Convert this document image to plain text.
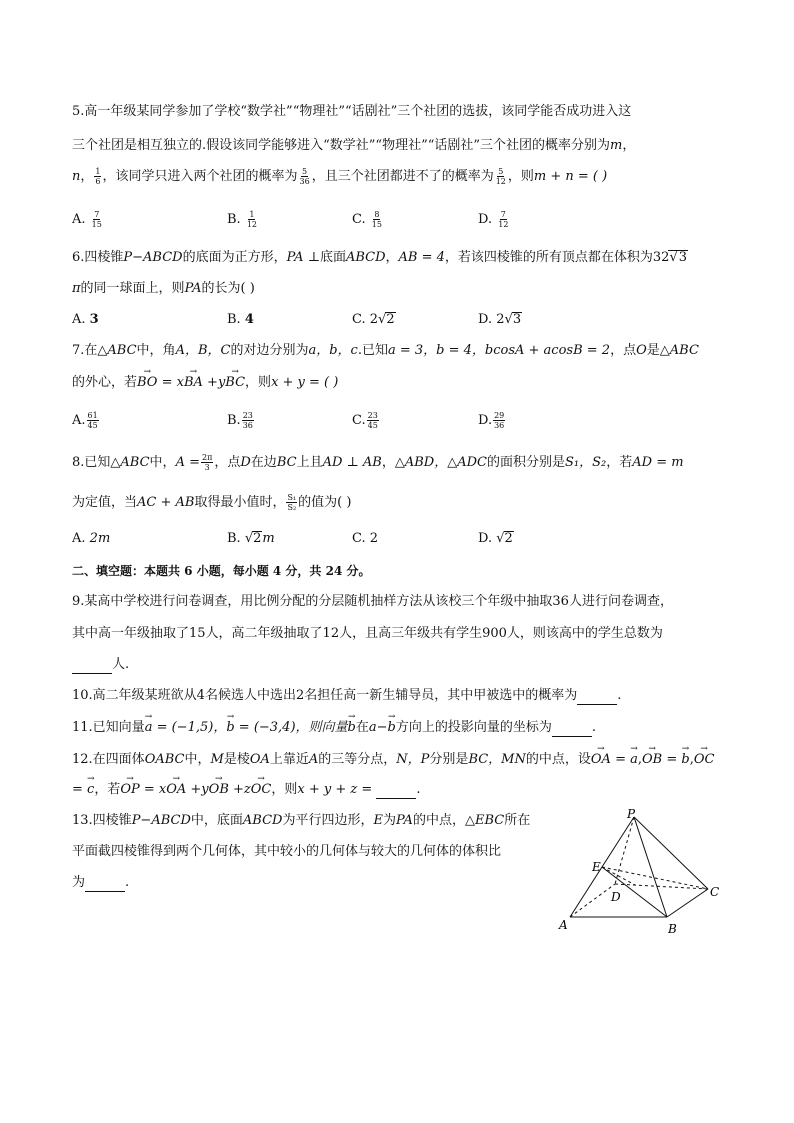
5.高一年级某同学参加了学校“数学社”“物理社”“话剧社”三个社团的选拔，该同学能否成功进入这
三个社团是相互独立的.假设该同学能够进入“数学社”“物理社”“话剧社”三个社团的概率分别为m，
n， $\frac{1}{6}$ ，该同学只进入两个社团的概率为 $\frac{5}{36}$ ，且三个社团都进不了的概率为 $\frac{5}{12}$ ，则m + n = ( )
A. $\frac{7}{15}$	B. $\frac{1}{12}$	C. $\frac{8}{15}$	D. $\frac{7}{12}$
6.四棱锥P−ABCD的底面为正方形，PA ⊥底面ABCD，AB = 4，若该四棱锥的所有顶点都在体积为32√3
π的同一球面上，则PA的长为( )
A. 3	B. 4	C. 2√2	D. 2√3
7.在△ABC中，角A，B，C的对边分别为a，b，c.已知a = 3，b = 4，bcosA + acosB = 2，点O是△ABC
的外心，若→ BO = x→ BA +y→ BC，则x + y = ( )
A. $\frac{61}{45}$	B. $\frac{23}{36}$	C. $\frac{23}{45}$	D. $\frac{29}{36}$
8.已知△ABC中，$A = \frac{2\pi}{3}$ ，点D在边BC上且AD ⊥ AB，△ABD，△ADC的面积分别是S₁，S₂，若AD = m
为定值，当AC + AB取得最小值时， $\frac{\text{S₁}}{\text{S₂}}$ 的值为( )
A. 2m	B. √2m	C. 2	D. √2
二、填空题：本题共 6 小题，每小题 4 分，共 24 分。
9.某高中学校进行问卷调查，用比例分配的分层随机抽样方法从该校三个年级中抽取36人进行问卷调查，
其中高一年级抽取了15人，高二年级抽取了12人，且高三年级共有学生900人，则该高中的学生总数为
人.
10.高二年级某班欲从4名候选人中选出2名担任高一新生辅导员，其中甲被选中的概率为	.
11.已知向量→ a = (−1,5)，→ b = (−3,4)，则向量→ b在a−→ b方向上的投影向量的坐标为	.
12.在四面体OABC中，M是棱OA上靠近A的三等分点，N，P分别是BC，MN的中点，设→ OA = → a,→ OB = → b,→ OC
= → c，若→ OP = x→ OA +y→ OB +z→ OC，则x + y + z =	.
13.四棱锥P−ABCD中，底面ABCD为平行四边形，E为PA的中点，△EBC所在
平面截四棱锥得到两个几何体，其中较小的几何体与较大的几何体的体积比
为	.
P
E
D	C
A	B
